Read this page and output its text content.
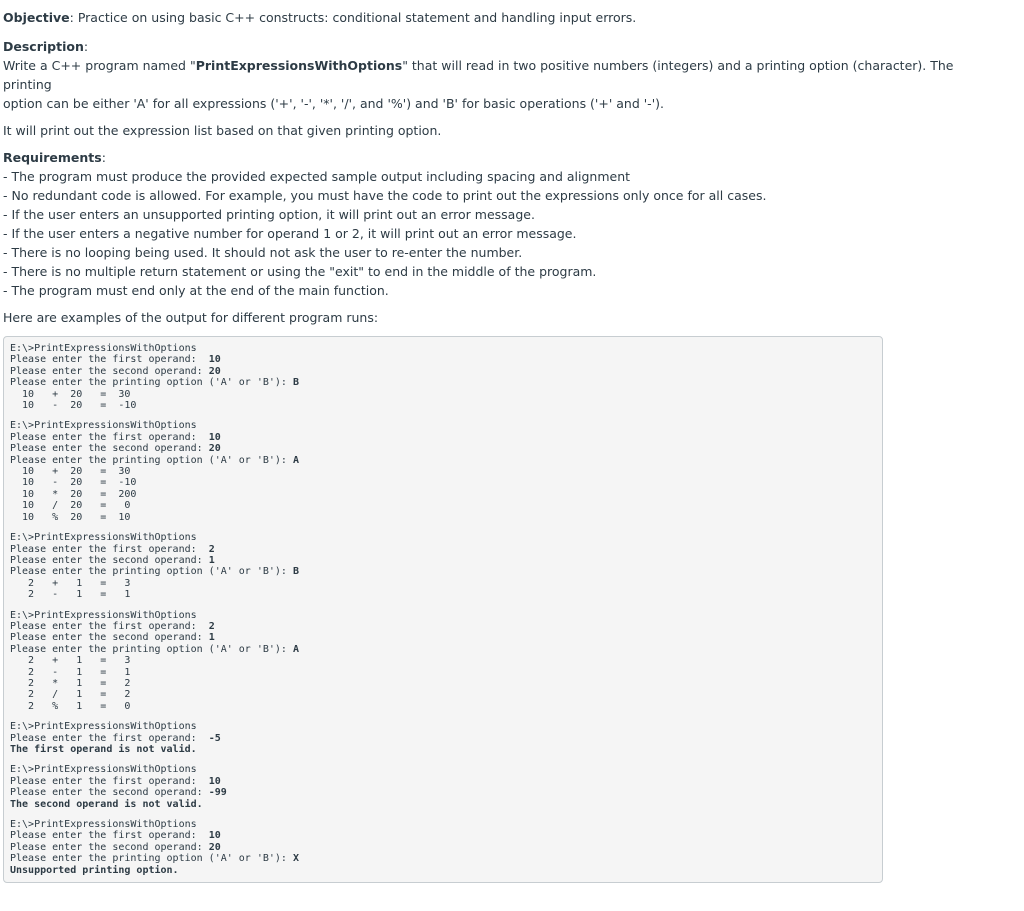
Objective: Practice on using basic C++ constructs: conditional statement and handling input errors.

Description:

Write a C++ program named "PrintExpressionsWithOptions" that will read in two positive numbers (integers) and a printing option (character). The printing

option can be either 'A' for all expressions ('+', '-', '*', '/', and '%') and 'B' for basic operations ('+' and '-').

It will print out the expression list based on that given printing option.

Requirements:

- The program must produce the provided expected sample output including spacing and alignment

- No redundant code is allowed. For example, you must have the code to print out the expressions only once for all cases.

- If the user enters an unsupported printing option, it will print out an error message.

- If the user enters a negative number for operand 1 or 2, it will print out an error message.

- There is no looping being used. It should not ask the user to re-enter the number.

- There is no multiple return statement or using the "exit" to end in the middle of the program.

- The program must end only at the end of the main function.

Here are examples of the output for different program runs:

E:\>PrintExpressionsWithOptions
Please enter the first operand:  10
Please enter the second operand: 20
Please enter the printing option ('A' or 'B'): B
10   +  20   =  30
10   -  20   =  -10
E:\>PrintExpressionsWithOptions
Please enter the first operand:  10
Please enter the second operand: 20
Please enter the printing option ('A' or 'B'): A
10   +  20   =  30
10   -  20   =  -10
10   *  20   =  200
10   /  20   =   0
10   %  20   =  10
E:\>PrintExpressionsWithOptions
Please enter the first operand:  2
Please enter the second operand: 1
Please enter the printing option ('A' or 'B'): B
2   +   1   =   3
2   -   1   =   1
E:\>PrintExpressionsWithOptions
Please enter the first operand:  2
Please enter the second operand: 1
Please enter the printing option ('A' or 'B'): A
2   +   1   =   3
2   -   1   =   1
2   *   1   =   2
2   /   1   =   2
2   %   1   =   0
E:\>PrintExpressionsWithOptions
Please enter the first operand:  -5
The first operand is not valid.
E:\>PrintExpressionsWithOptions
Please enter the first operand:  10
Please enter the second operand: -99
The second operand is not valid.
E:\>PrintExpressionsWithOptions
Please enter the first operand:  10
Please enter the second operand: 20
Please enter the printing option ('A' or 'B'): X
Unsupported printing option.
